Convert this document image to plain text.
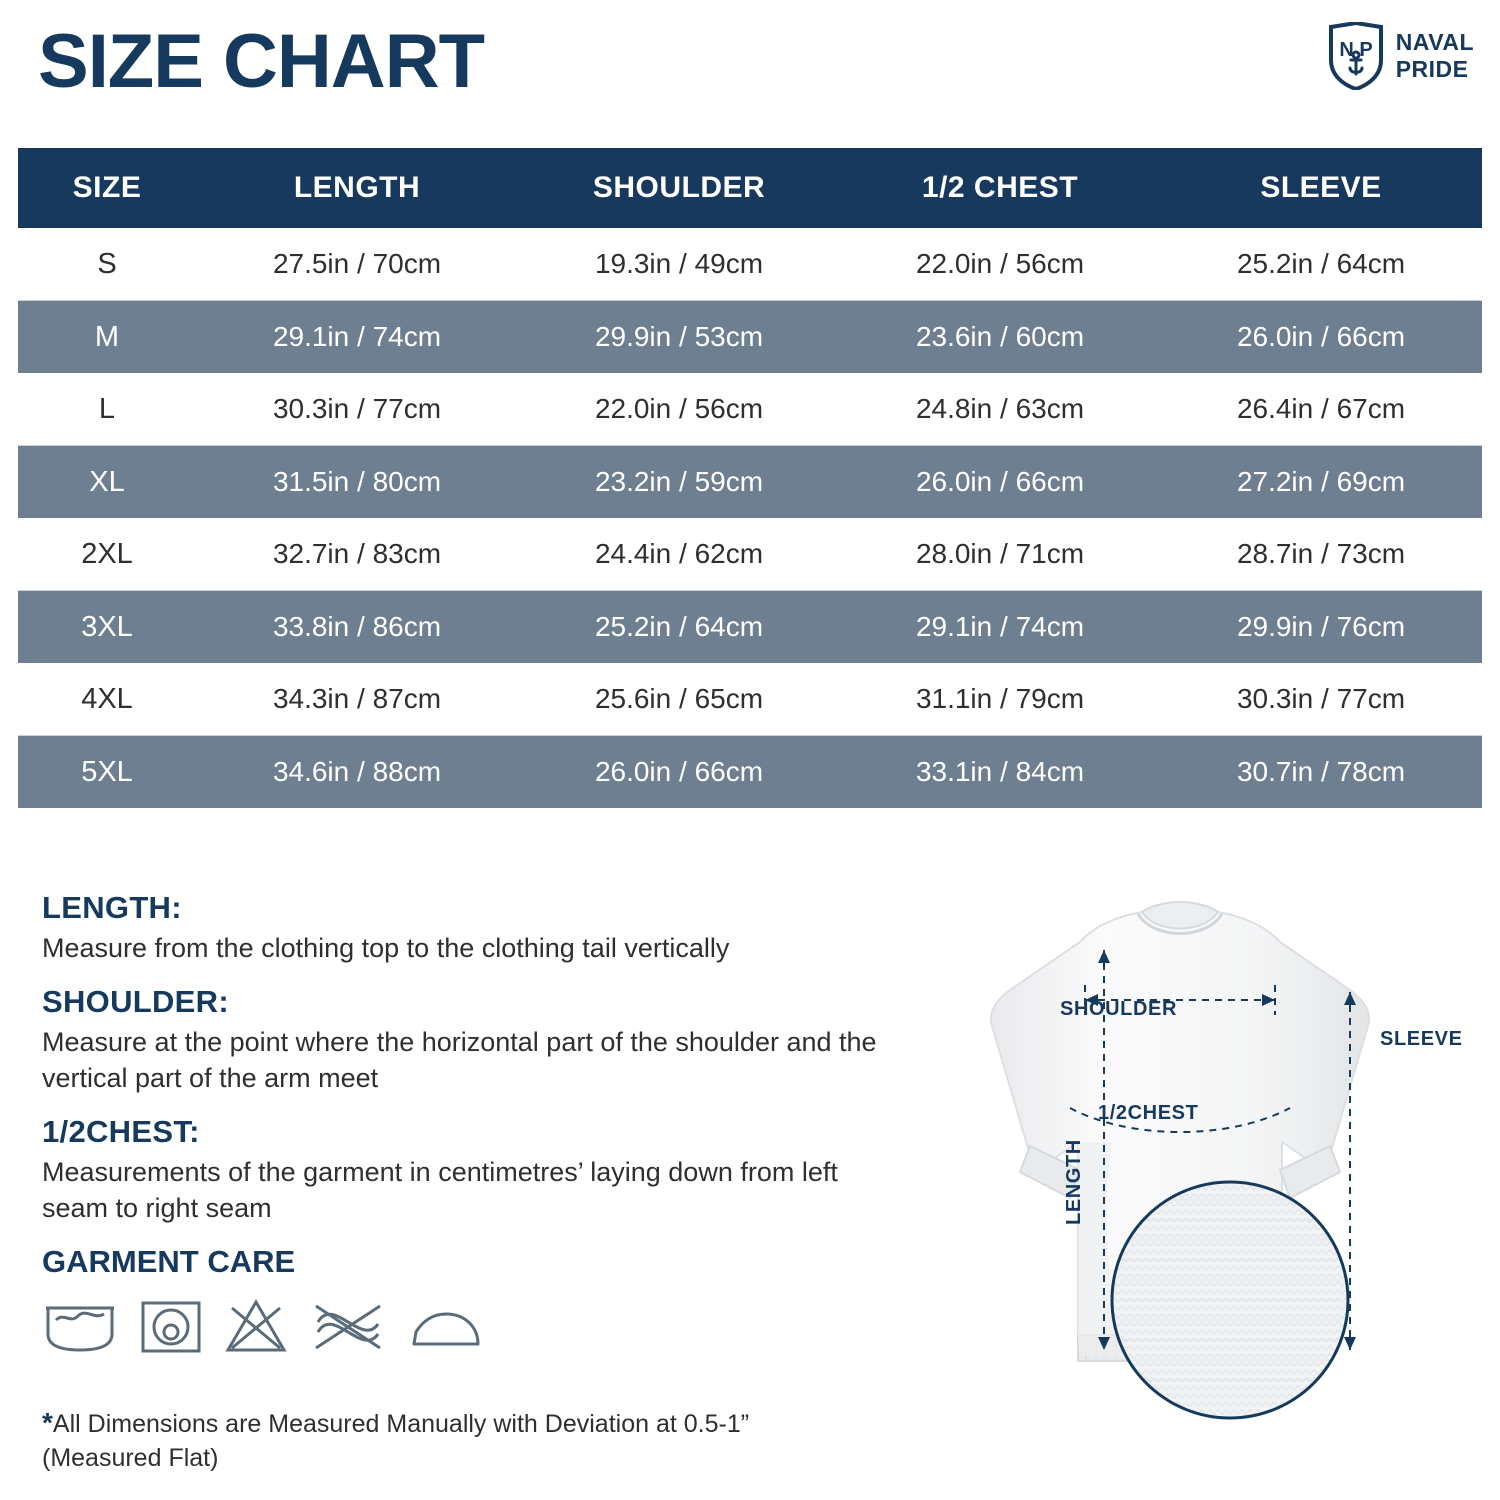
SIZE CHART	N P NAVAL
PRIDE
SIZE	LENGTH	SHOULDER	1/2 CHEST	SLEEVE
S	27.5in / 70cm	19.3in / 49cm	22.0in / 56cm	25.2in / 64cm
M	29.1in / 74cm	29.9in / 53cm	23.6in / 60cm	26.0in / 66cm
L	30.3in / 77cm	22.0in / 56cm	24.8in / 63cm	26.4in / 67cm
XL	31.5in / 80cm	23.2in / 59cm	26.0in / 66cm	27.2in / 69cm
2XL	32.7in / 83cm	24.4in / 62cm	28.0in / 71cm	28.7in / 73cm
3XL	33.8in / 86cm	25.2in / 64cm	29.1in / 74cm	29.9in / 76cm
4XL	34.3in / 87cm	25.6in / 65cm	31.1in / 79cm	30.3in / 77cm
5XL	34.6in / 88cm	26.0in / 66cm	33.1in / 84cm	30.7in / 78cm
LENGTH:

Measure from the clothing top to the clothing tail vertically

SHOULDER:

Measure at the point where the horizontal part of the shoulder and the vertical part of the arm meet

1/2CHEST:

Measurements of the garment in centimetres’ laying down from left seam to right seam

GARMENT CARE
*All Dimensions are Measured Manually with Deviation at 0.5-1” (Measured Flat)
SHOULDER
1/2CHEST
SLEEVE
LENGTH
